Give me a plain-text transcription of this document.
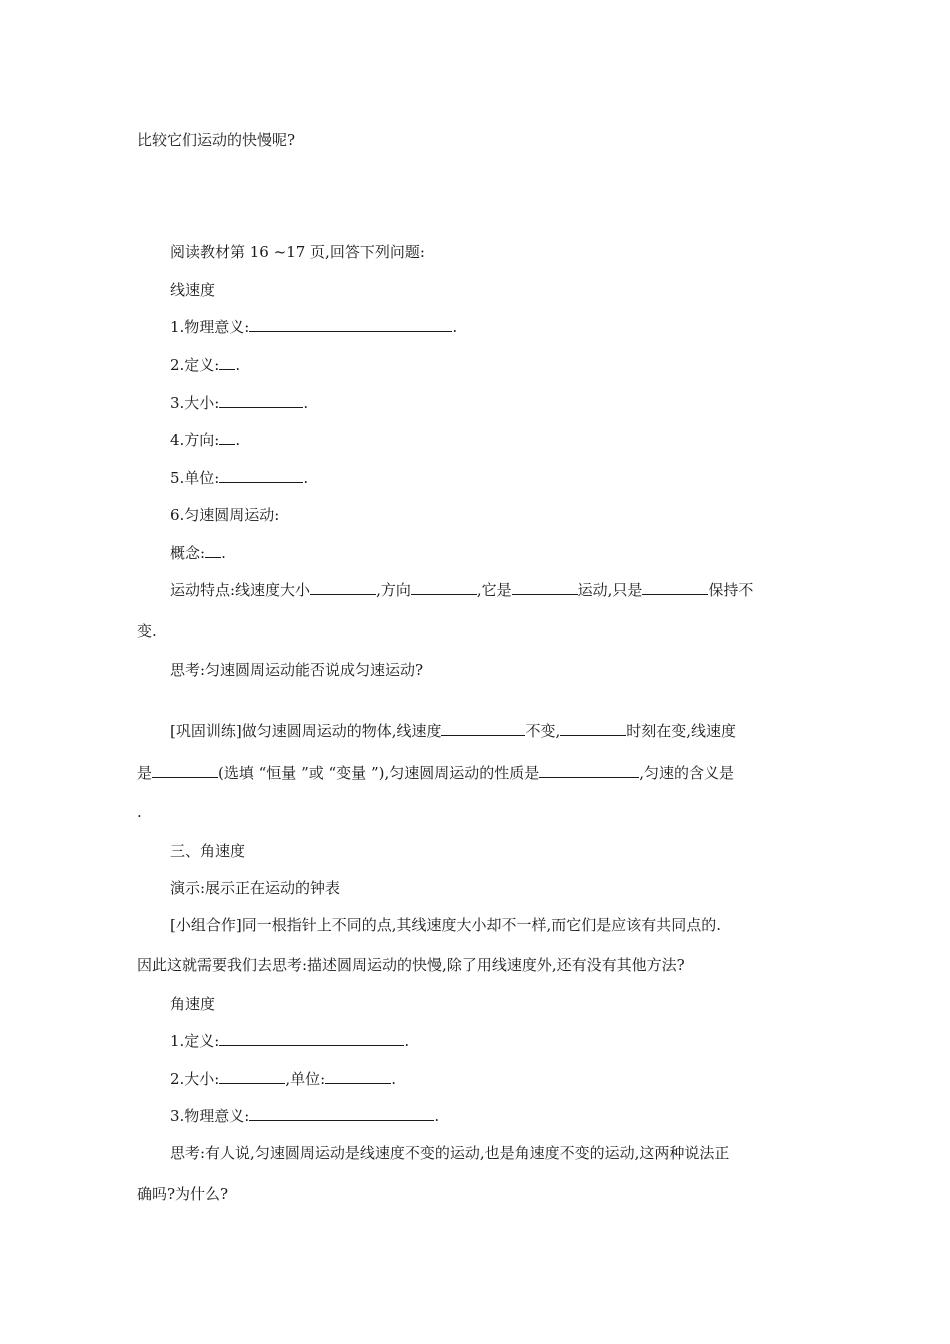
比较它们运动的快慢呢?
阅读教材第 16 ~17 页,回答下列问题:
线速度
1.物理意义:	.
2.定义: .
3.大小:	.
4.方向: .
5.单位:	.
6.匀速圆周运动:
概念: .
运动特点:线速度大小	,方向	,它是	运动,只是	保持不
变.
思考:匀速圆周运动能否说成匀速运动?
[巩固训练]做匀速圆周运动的物体,线速度	不变,	时刻在变,线速度
是	(选填 “恒量 ”或 “变量 ”),匀速圆周运动的性质是	,匀速的含义是
.
三、角速度
演示:展示正在运动的钟表
[小组合作]同一根指针上不同的点,其线速度大小却不一样,而它们是应该有共同点的.
因此这就需要我们去思考:描述圆周运动的快慢,除了用线速度外,还有没有其他方法?
角速度
1.定义:	.
2.大小:	,单位:	.
3.物理意义:	.
思考:有人说,匀速圆周运动是线速度不变的运动,也是角速度不变的运动,这两种说法正
确吗?为什么?
